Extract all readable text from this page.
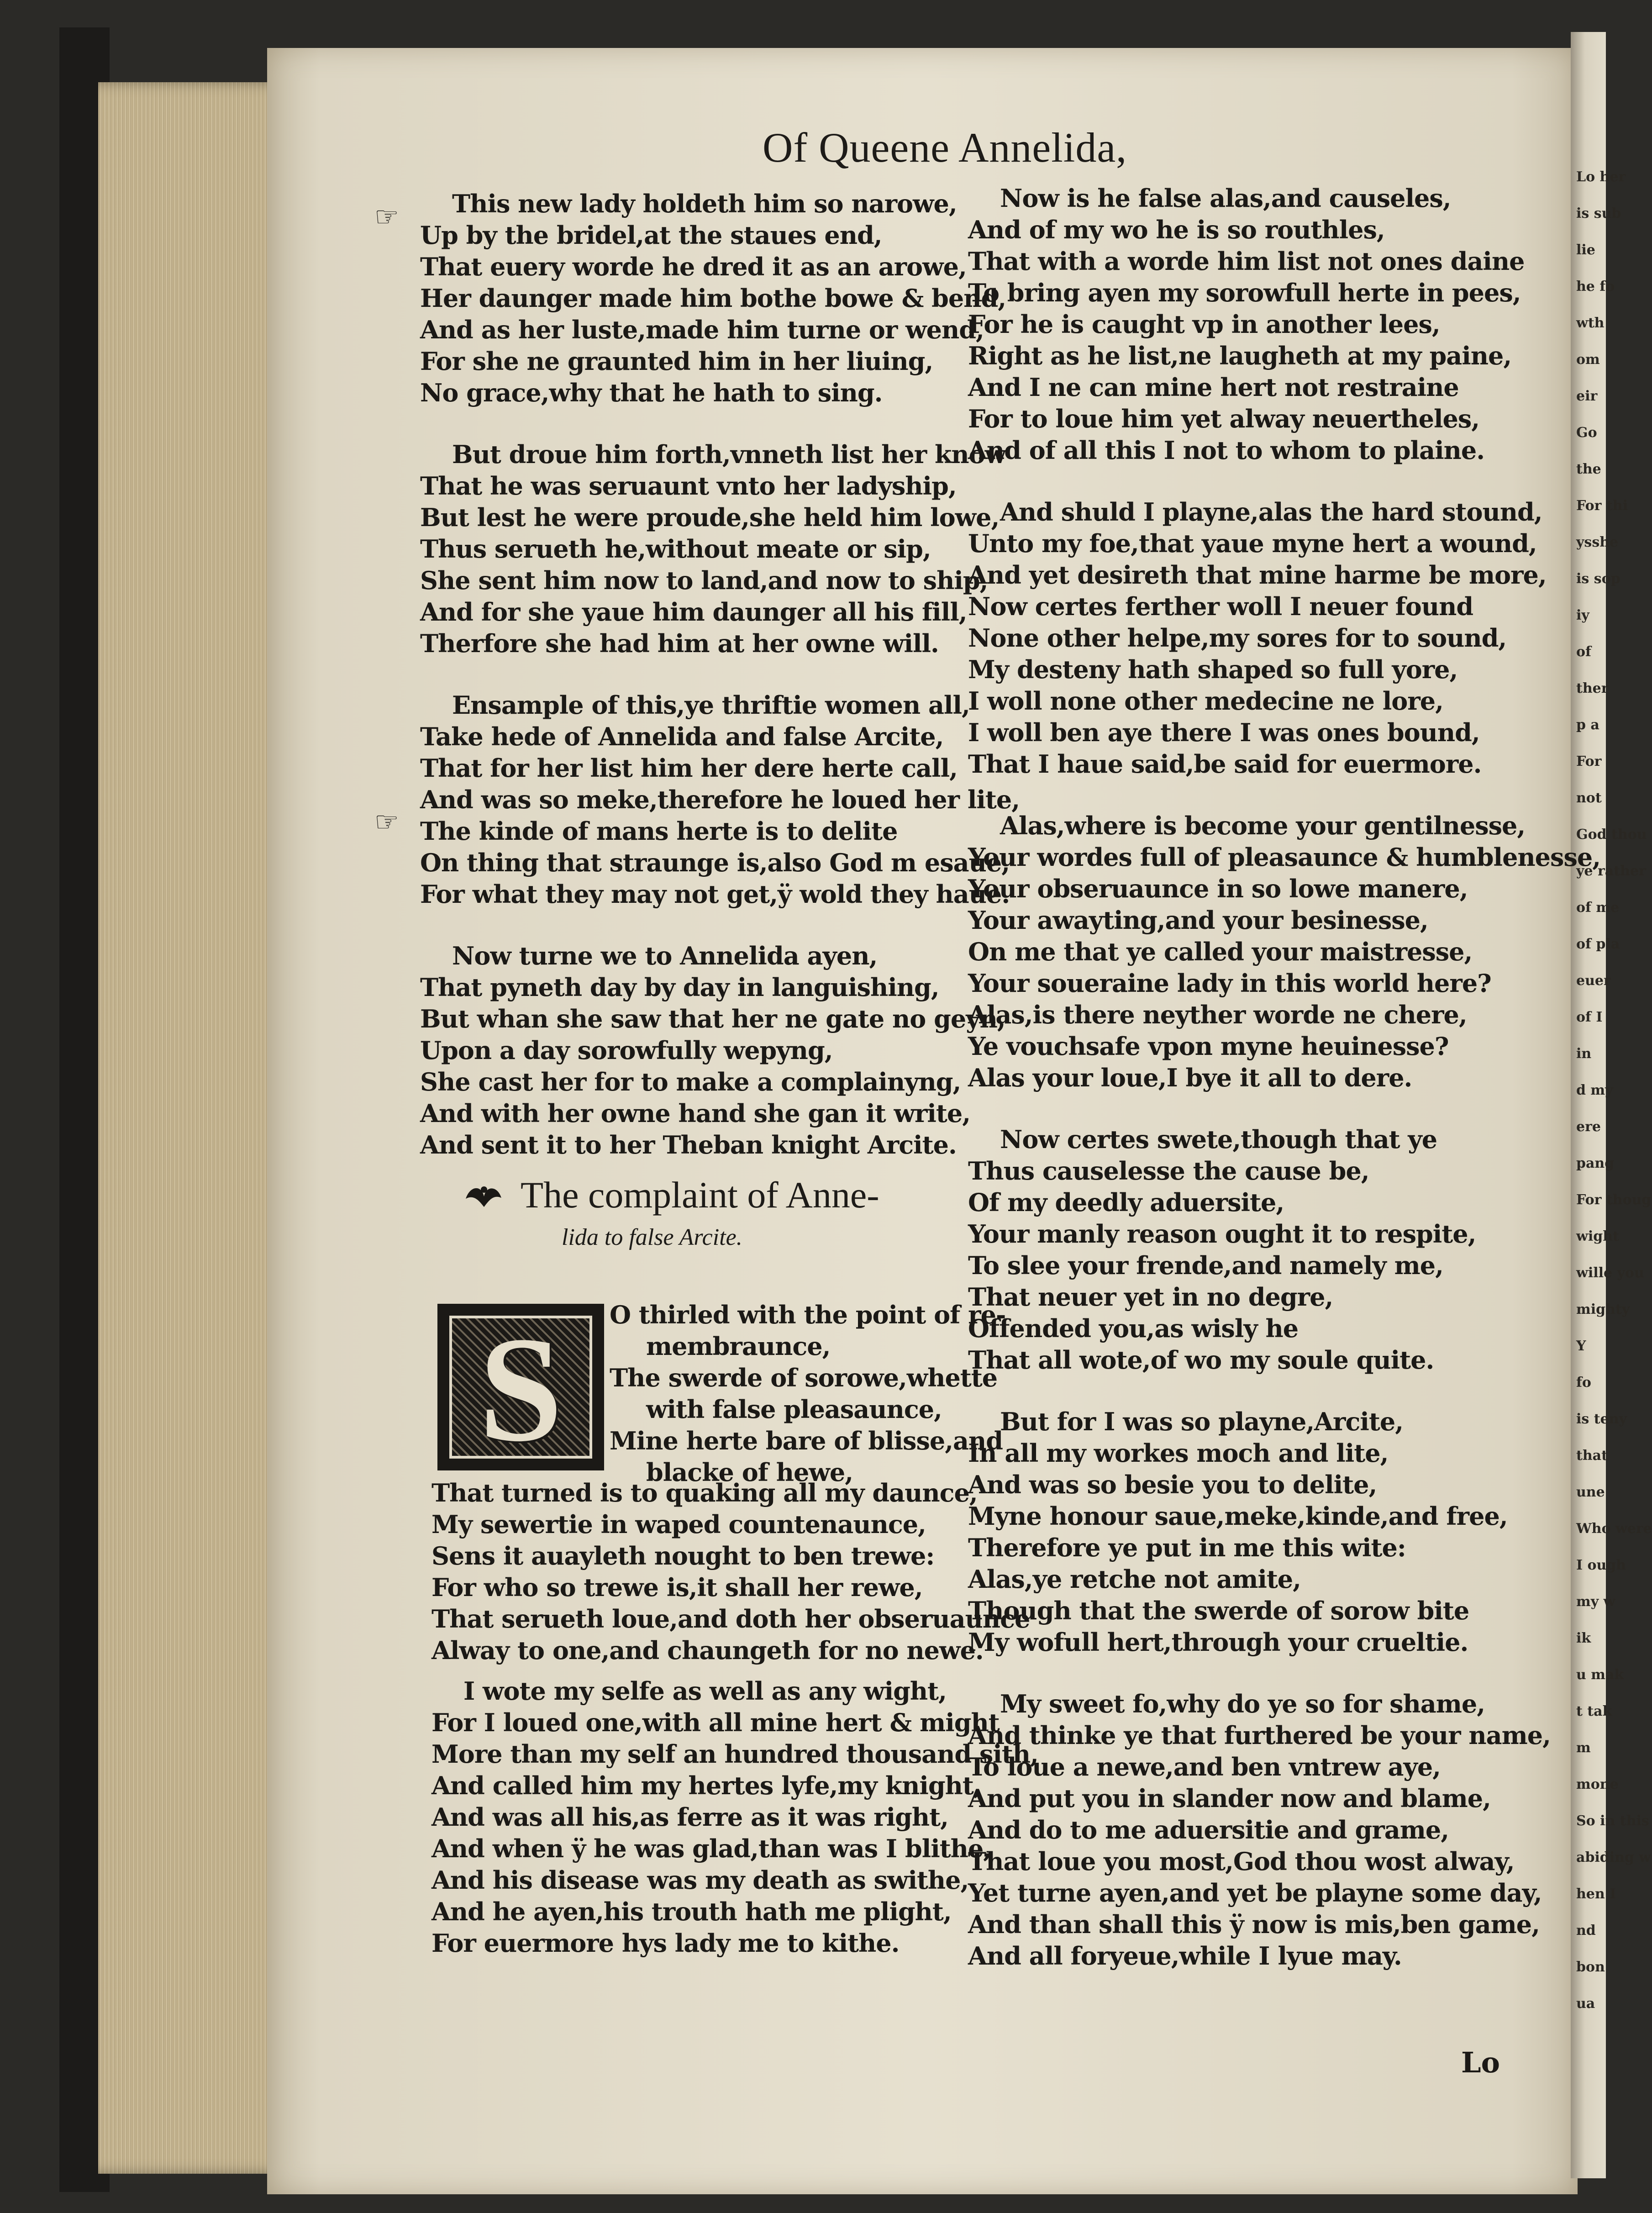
Of Queene Annelida,
☞
☞
This new lady holdeth him so narowe,
Up by the bridel,at the staues end,
That euery worde he dred it as an arowe,
Her daunger made him bothe bowe & bend,
And as her luste,made him turne or wend,
For she ne graunted him in her liuing,
No grace,why that he hath to sing.
But droue him forth,vnneth list her know
That he was seruaunt vnto her ladyship,
But lest he were proude,she held him lowe,
Thus serueth he,without meate or sip,
She sent him now to land,and now to ship,
And for she yaue him daunger all his fill,
Therfore she had him at her owne will.
Ensample of this,ye thriftie women all,
Take hede of Annelida and false Arcite,
That for her list him her dere herte call,
And was so meke,therefore he loued her lite,
The kinde of mans herte is to delite
On thing that straunge is,also God m esaue,
For what they may not get,ÿ wold they haue.
Now turne we to Annelida ayen,
That pyneth day by day in languishing,
But whan she saw that her ne gate no geyn,
Upon a day sorowfully wepyng,
She cast her for to make a complainyng,
And with her owne hand she gan it write,
And sent it to her Theban knight Arcite.
The complaint of Anne-
lida to false Arcite.
S	O thirled with the point of re-
membraunce,
The swerde of sorowe,whette
with false pleasaunce,
Mine herte bare of blisse,and
blacke of hewe,
That turned is to quaking all my daunce,
My sewertie in waped countenaunce,
Sens it auayleth nought to ben trewe:
For who so trewe is,it shall her rewe,
That serueth loue,and doth her obseruaunce
Alway to one,and chaungeth for no newe.
I wote my selfe as well as any wight,
For I loued one,with all mine hert & might
More than my self an hundred thousand sith,
And called him my hertes lyfe,my knight,
And was all his,as ferre as it was right,
And when ÿ he was glad,than was I blithe,
And his disease was my death as swithe,
And he ayen,his trouth hath me plight,
For euermore hys lady me to kithe.
Now is he false alas,and causeles,
And of my wo he is so routhles,
That with a worde him list not ones daine
To bring ayen my sorowfull herte in pees,
For he is caught vp in another lees,
Right as he list,ne laugheth at my paine,
And I ne can mine hert not restraine
For to loue him yet alway neuertheles,
And of all this I not to whom to plaine.
And shuld I playne,alas the hard stound,
Unto my foe,that yaue myne hert a wound,
And yet desireth that mine harme be more,
Now certes ferther woll I neuer found
None other helpe,my sores for to sound,
My desteny hath shaped so full yore,
I woll none other medecine ne lore,
I woll ben aye there I was ones bound,
That I haue said,be said for euermore.
Alas,where is become your gentilnesse,
Your wordes full of pleasaunce & humblenesse,
Your obseruaunce in so lowe manere,
Your awayting,and your besinesse,
On me that ye called your maistresse,
Your soueraine lady in this world here?
Alas,is there neyther worde ne chere,
Ye vouchsafe vpon myne heuinesse?
Alas your loue,I bye it all to dere.
Now certes swete,though that ye
Thus causelesse the cause be,
Of my deedly aduersite,
Your manly reason ought it to respite,
To slee your frende,and namely me,
That neuer yet in no degre,
Offended you,as wisly he
That all wote,of wo my soule quite.
But for I was so playne,Arcite,
In all my workes moch and lite,
And was so besie you to delite,
Myne honour saue,meke,kinde,and free,
Therefore ye put in me this wite:
Alas,ye retche not amite,
Though that the swerde of sorow bite
My wofull hert,through your crueltie.
My sweet fo,why do ye so for shame,
And thinke ye that furthered be your name,
To loue a newe,and ben vntrew aye,
And put you in slander now and blame,
And do to me aduersitie and grame,
That loue you most,God thou wost alway,
Yet turne ayen,and yet be playne some day,
And than shall this ÿ now is mis,ben game,
And all foryeue,while I lyue may.
Lo
Lo her
is sub
lie
he fo
wth
om
eir
Go
the
For thi
ysshe
is sop
iy
of
ther
p a
For
not
God thou
ye rather
of me
of pla
euer
of I
in
d my
ere
pang
For thoug
wight
wille you
mighty
Y
fo
is teny
that
une
Who were
I ough
my w
ik
u mak
t tak
m
mone
So in this
abiding w
hen I
nd
bon
ua
